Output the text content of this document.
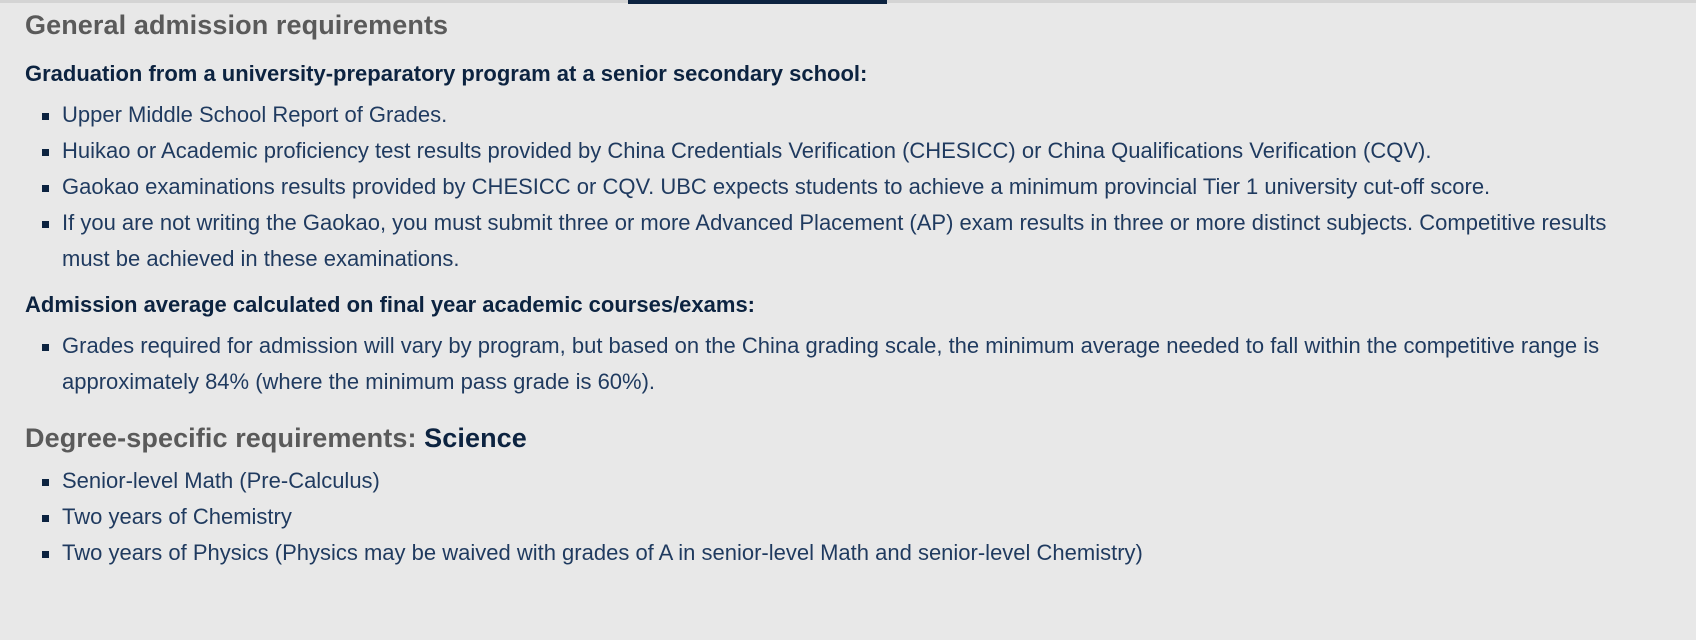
General admission requirements
Graduation from a university-preparatory program at a senior secondary school:
Upper Middle School Report of Grades.
Huikao or Academic proficiency test results provided by China Credentials Verification (CHESICC) or China Qualifications Verification (CQV).
Gaokao examinations results provided by CHESICC or CQV. UBC expects students to achieve a minimum provincial Tier 1 university cut-off score.
If you are not writing the Gaokao, you must submit three or more Advanced Placement (AP) exam results in three or more distinct subjects. Competitive results must be achieved in these examinations.
Admission average calculated on final year academic courses/exams:
Grades required for admission will vary by program, but based on the China grading scale, the minimum average needed to fall within the competitive range is approximately 84% (where the minimum pass grade is 60%).
Degree-specific requirements: Science
Senior-level Math (Pre-Calculus)
Two years of Chemistry
Two years of Physics (Physics may be waived with grades of A in senior-level Math and senior-level Chemistry)
